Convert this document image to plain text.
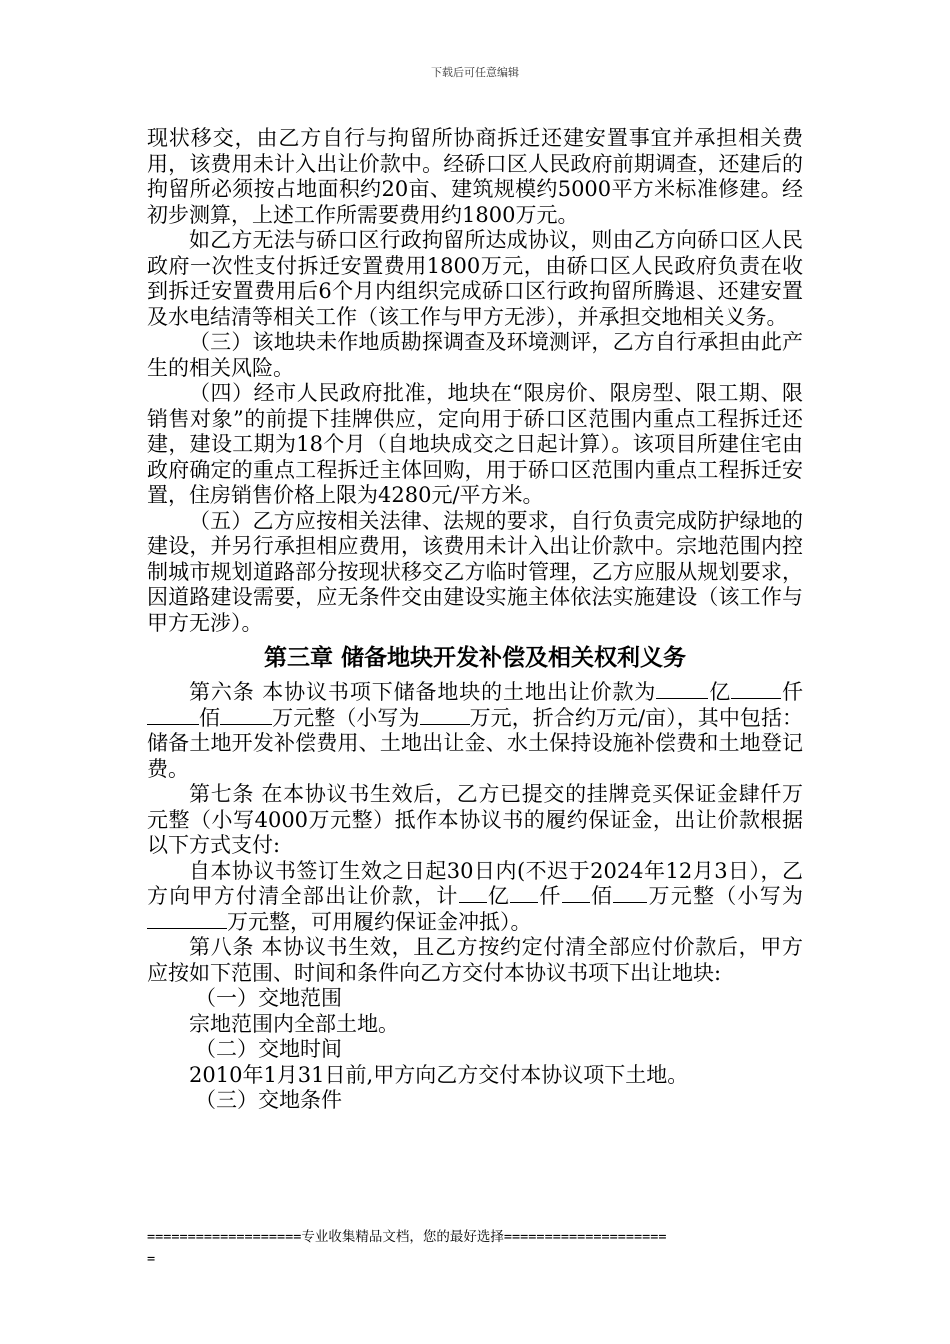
下载后可任意编辑

现状移交，由乙方自行与拘留所协商拆迁还建安置事宜并承担相关费用，该费用未计入出让价款中。经硚口区人民政府前期调查，还建后的拘留所必须按占地面积约20亩、建筑规模约5000平方米标准修建。经初步测算，上述工作所需要费用约1800万元。

如乙方无法与硚口区行政拘留所达成协议，则由乙方向硚口区人民政府一次性支付拆迁安置费用1800万元，由硚口区人民政府负责在收到拆迁安置费用后6个月内组织完成硚口区行政拘留所腾退、还建安置及水电结清等相关工作（该工作与甲方无涉），并承担交地相关义务。

（三）该地块未作地质勘探调查及环境测评，乙方自行承担由此产生的相关风险。

（四）经市人民政府批准，地块在“限房价、限房型、限工期、限销售对象”的前提下挂牌供应，定向用于硚口区范围内重点工程拆迁还建，建设工期为18个月（自地块成交之日起计算）。该项目所建住宅由政府确定的重点工程拆迁主体回购，用于硚口区范围内重点工程拆迁安置，住房销售价格上限为4280元/平方米。

（五）乙方应按相关法律、法规的要求，自行负责完成防护绿地的建设，并另行承担相应费用，该费用未计入出让价款中。宗地范围内控制城市规划道路部分按现状移交乙方临时管理，乙方应服从规划要求，因道路建设需要，应无条件交由建设实施主体依法实施建设（该工作与甲方无涉）。

第三章 储备地块开发补偿及相关权利义务

第六条 本协议书项下储备地块的土地出让价款为 亿 仟佰 万元整（小写为 万元，折合约万元/亩），其中包括：储备土地开发补偿费用、土地出让金、水土保持设施补偿费和土地登记费。

第七条 在本协议书生效后，乙方已提交的挂牌竞买保证金肆仟万元整（小写4000万元整）抵作本协议书的履约保证金，出让价款根据以下方式支付:

自本协议书签订生效之日起30日内(不迟于2024年12月3日），乙方向甲方付清全部出让价款，计 亿 仟 佰 万元整（小写为万元整，可用履约保证金冲抵）。

第八条 本协议书生效，且乙方按约定付清全部应付价款后，甲方应按如下范围、时间和条件向乙方交付本协议书项下出让地块:

（一）交地范围

宗地范围内全部土地。

（二）交地时间

2010年1月31日前,甲方向乙方交付本协议项下土地。

（三）交地条件

===================专业收集精品文档，您的最好选择====================
=
